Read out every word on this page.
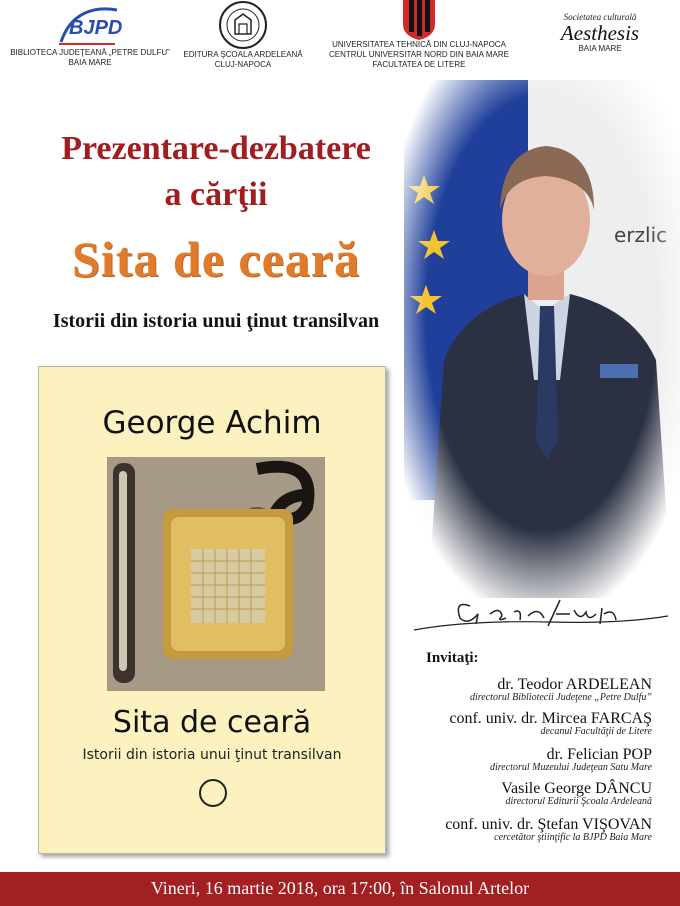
BJPD
BIBLIOTECA JUDEŢEANĂ „PETRE DULFU”
BAIA MARE
EDITURA ŞCOALA ARDELEANĂ
CLUJ-NAPOCA
UNIVERSITATEA TEHNICĂ DIN CLUJ-NAPOCA
CENTRUL UNIVERSITAR NORD DIN BAIA MARE
FACULTATEA DE LITERE
Societatea culturală
Aesthesis
BAIA MARE
Prezentare-dezbatere
a cărţii
Sita de ceară
Istorii din istoria unui ţinut transilvan
George Achim
Sita de ceară
Istorii din istoria unui ţinut transilvan
Invitaţi:
dr. Teodor ARDELEAN
directorul Bibliotecii Judeţene „Petre Dulfu”
conf. univ. dr. Mircea FARCAŞ
decanul Facultăţii de Litere
dr. Felician POP
directorul Muzeului Judeţean Satu Mare
Vasile George DÂNCU
directorul Editurii Şcoala Ardeleană
conf. univ. dr. Ştefan VIŞOVAN
cercetător ştiinţific la BJPD Baia Mare
Vineri, 16 martie 2018, ora 17:00, în Salonul Artelor
